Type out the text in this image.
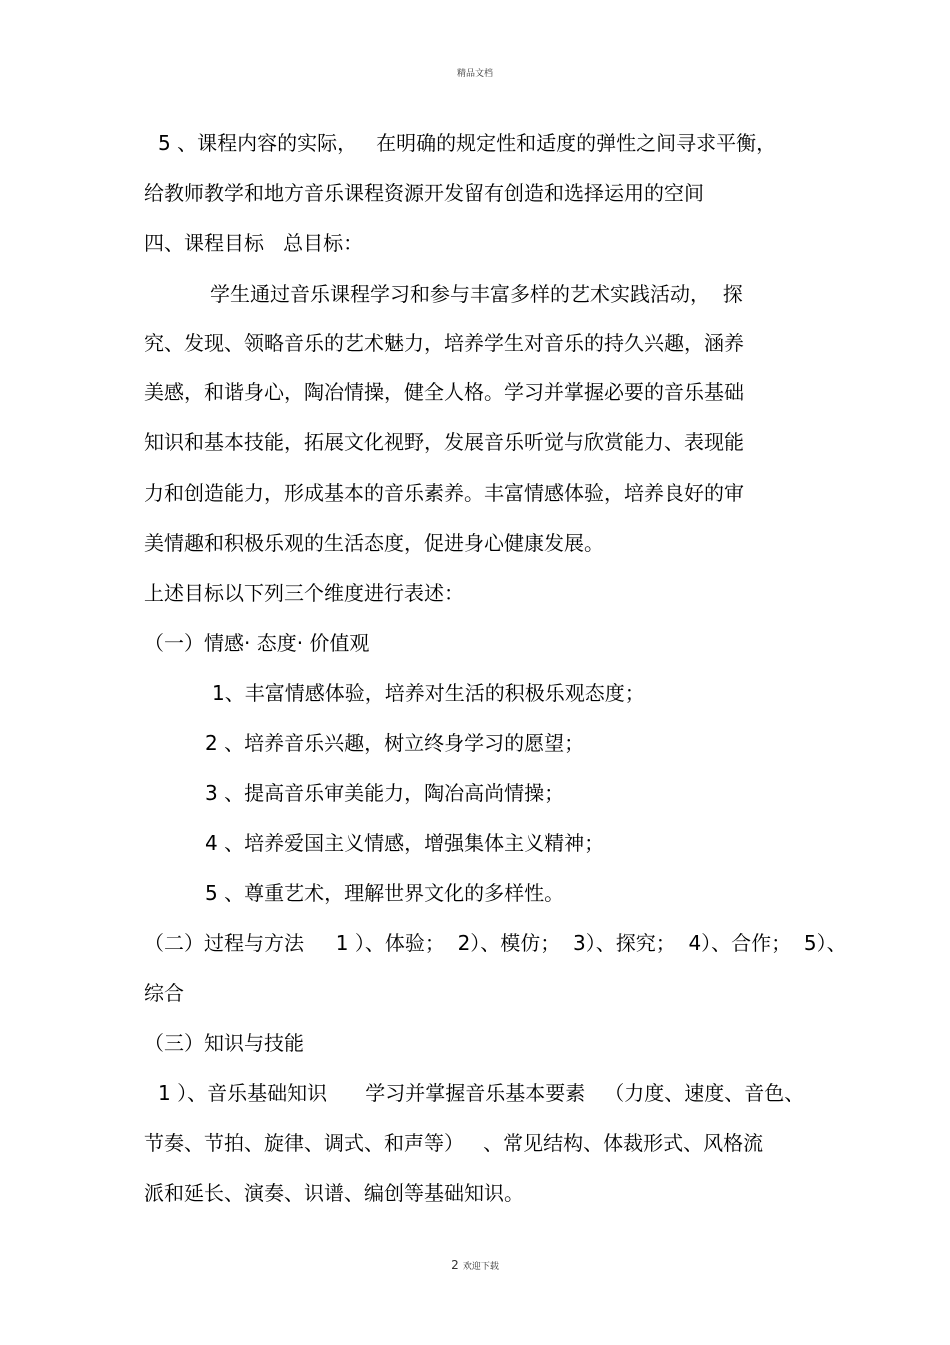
精品文档
5 、课程内容的实际，   在明确的规定性和适度的弹性之间寻求平衡，
给教师教学和地方音乐课程资源开发留有创造和选择运用的空间
四、课程目标   总目标：
学生通过音乐课程学习和参与丰富多样的艺术实践活动，  探
究、发现、领略音乐的艺术魅力，培养学生对音乐的持久兴趣，涵养
美感，和谐身心，陶冶情操，健全人格。学习并掌握必要的音乐基础
知识和基本技能，拓展文化视野，发展音乐听觉与欣赏能力、表现能
力和创造能力，形成基本的音乐素养。丰富情感体验，培养良好的审
美情趣和积极乐观的生活态度，促进身心健康发展。
上述目标以下列三个维度进行表述：
（一）情感· 态度· 价值观
1、丰富情感体验，培养对生活的积极乐观态度；
2 、培养音乐兴趣，树立终身学习的愿望；
3 、提高音乐审美能力，陶冶高尚情操；
4 、培养爱国主义情感，增强集体主义精神；
5 、尊重艺术，理解世界文化的多样性。
（二）过程与方法     1 ）、体验；  2）、模仿；  3）、探究；  4）、合作；  5）、
综合
（三）知识与技能
1 ）、音乐基础知识      学习并掌握音乐基本要素   （力度、速度、音色、
节奏、节拍、旋律、调式、和声等）   、常见结构、体裁形式、风格流
派和延长、演奏、识谱、编创等基础知识。
2 欢迎下载
